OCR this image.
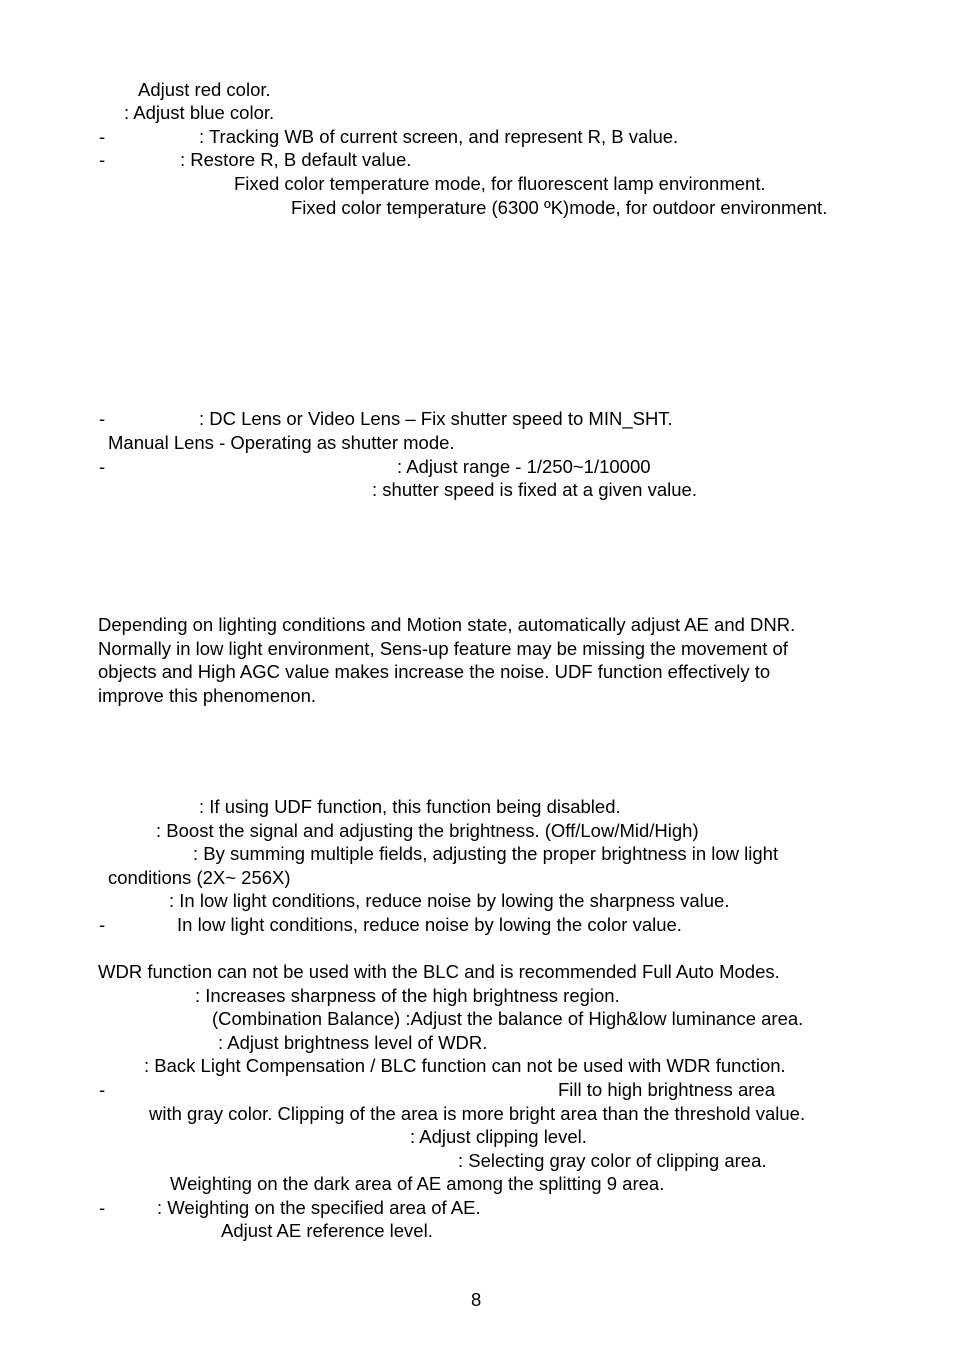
Adjust red color.
: Adjust blue color.
-	: Tracking WB of current screen, and represent R, B value.
-	: Restore R, B default value.
Fixed color temperature mode, for fluorescent lamp environment.
Fixed color temperature (6300 ºK)mode, for outdoor environment.
-	: DC Lens or Video Lens – Fix shutter speed to MIN_SHT.
Manual Lens - Operating as shutter mode.
-	: Adjust range - 1/250~1/10000
: shutter speed is fixed at a given value.
Depending on lighting conditions and Motion state, automatically adjust AE and DNR.
Normally in low light environment, Sens-up feature may be missing the movement of
objects and High AGC value makes increase the noise. UDF function effectively to
improve this phenomenon.
: If using UDF function, this function being disabled.
: Boost the signal and adjusting the brightness. (Off/Low/Mid/High)
: By summing multiple fields, adjusting the proper brightness in low light
conditions (2X~ 256X)
: In low light conditions, reduce noise by lowing the sharpness value.
-	In low light conditions, reduce noise by lowing the color value.
WDR function can not be used with the BLC and is recommended Full Auto Modes.
: Increases sharpness of the high brightness region.
(Combination Balance) :Adjust the balance of High&low luminance area.
: Adjust brightness level of WDR.
: Back Light Compensation / BLC function can not be used with WDR function.
-	Fill to high brightness area
with gray color. Clipping of the area is more bright area than the threshold value.
: Adjust clipping level.
: Selecting gray color of clipping area.
Weighting on the dark area of AE among the splitting 9 area.
-	: Weighting on the specified area of AE.
Adjust AE reference level.
8
